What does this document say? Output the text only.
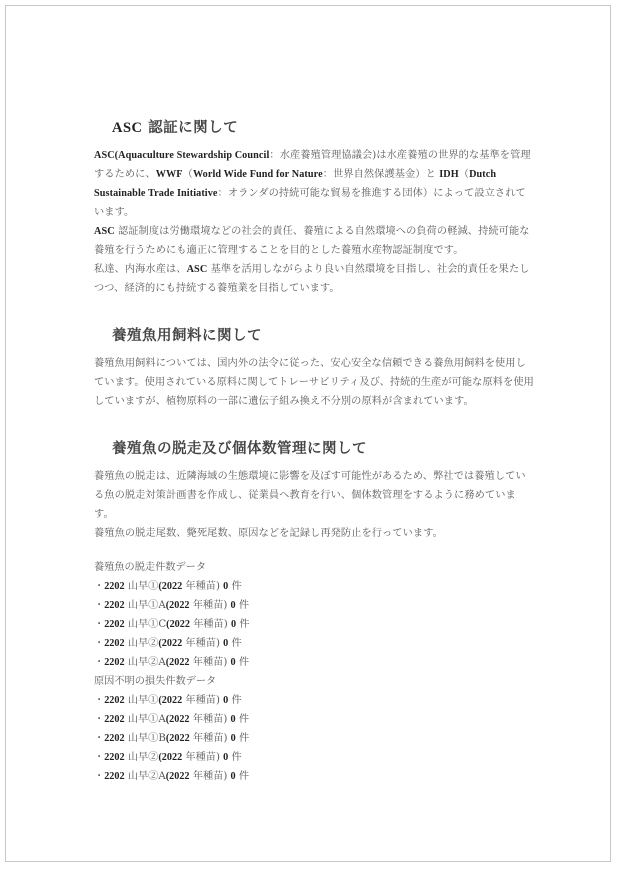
ASC 認証に関して

ASC(Aquaculture Stewardship Council：水産養殖管理協議会)は水産養殖の世界的な基準を管理するために、WWF（World Wide Fund for Nature：世界自然保護基金）と IDH（Dutch Sustainable Trade Initiative：オランダの持続可能な貿易を推進する団体）によって設立されています。

ASC 認証制度は労働環境などの社会的責任、養殖による自然環境への負荷の軽減、持続可能な養殖を行うためにも適正に管理することを目的とした養殖水産物認証制度です。

私達、内海水産は、ASC 基準を活用しながらより良い自然環境を目指し、社会的責任を果たしつつ、経済的にも持続する養殖業を目指しています。

養殖魚用飼料に関して

養殖魚用飼料については、国内外の法令に従った、安心安全な信頼できる養魚用飼料を使用しています。使用されている原料に関してトレーサビリティ及び、持続的生産が可能な原料を使用していますが、植物原料の一部に遺伝子組み換え不分別の原料が含まれています。

養殖魚の脱走及び個体数管理に関して

養殖魚の脱走は、近隣海域の生態環境に影響を及ぼす可能性があるため、弊社では養殖している魚の脱走対策計画書を作成し、従業員へ教育を行い、個体数管理をするように務めています。

養殖魚の脱走尾数、斃死尾数、原因などを記録し再発防止を行っています。

養殖魚の脱走件数データ
・2202 山早①(2022 年種苗) 0 件
・2202 山早①A(2022 年種苗) 0 件
・2202 山早①C(2022 年種苗) 0 件
・2202 山早②(2022 年種苗) 0 件
・2202 山早②A(2022 年種苗) 0 件
原因不明の損失件数データ
・2202 山早①(2022 年種苗) 0 件
・2202 山早①A(2022 年種苗) 0 件
・2202 山早①B(2022 年種苗) 0 件
・2202 山早②(2022 年種苗) 0 件
・2202 山早②A(2022 年種苗) 0 件
